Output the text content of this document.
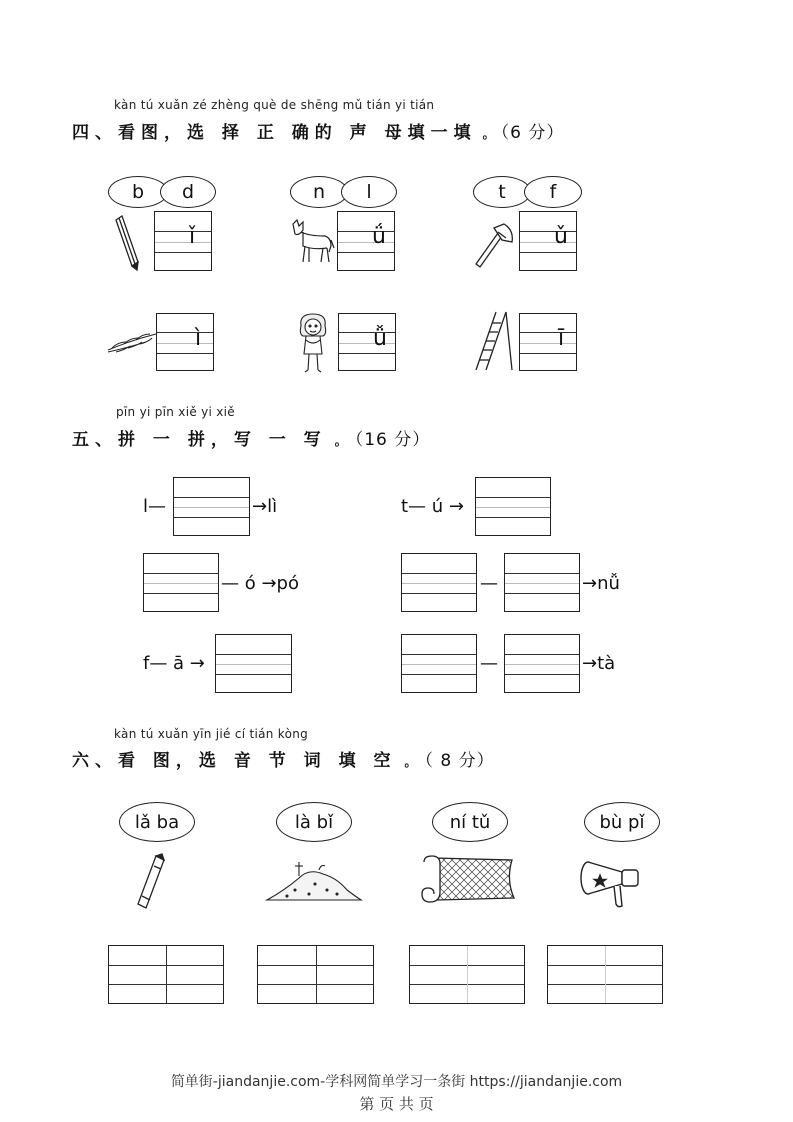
kàn tú xuǎn zé zhèng què de shēng mǔ tián yi tián
四、看图，选 择 正 确的 声 母填一填 。 （6 分）
b	d	n	l	t	f
ǐ	ǘ	ǔ
ì	ǚ	ī
pīn yi pīn xiě yi xiě
五、拼 一 拼，写 一 写 。 （16 分）
l—	→lì	t— ú →
— ó →pó	—	→nǚ
f— ā →	—	→tà
kàn tú xuǎn yīn jié cí tián kòng
六、看 图，选 音 节 词 填 空 。 （ 8 分）
lǎ ba	là bǐ	ní tǔ	bù pǐ
简单街-jiandanjie.com-学科网简单学习一条街 https://jiandanjie.com
第 页 共 页
